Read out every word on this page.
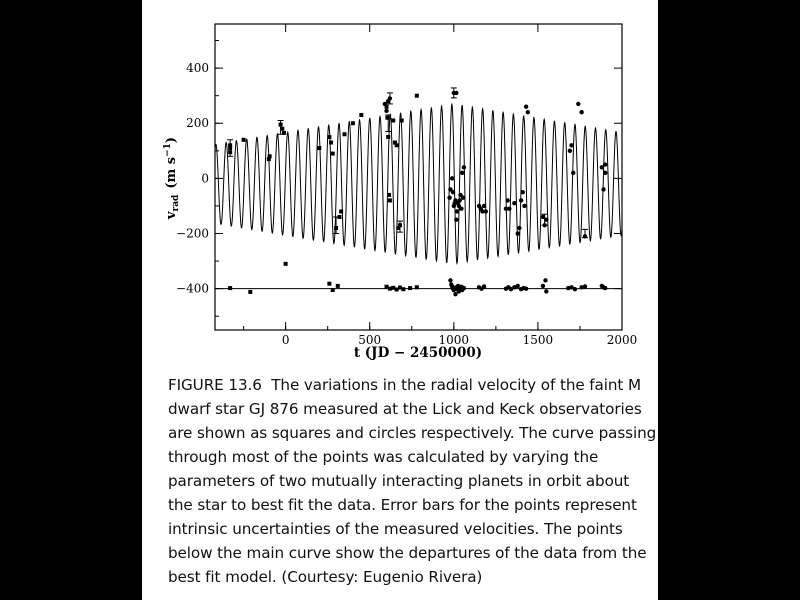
0	500	1000	1500	2000
−400
−200
0
200
400
t (JD − 2450000)
$v_{rad}(m$ $s^{-1}$)
FIGURE 13.6  The variations in the radial velocity of the faint M
dwarf star GJ 876 measured at the Lick and Keck observatories
are shown as squares and circles respectively. The curve passing
through most of the points was calculated by varying the
parameters of two mutually interacting planets in orbit about
the star to best fit the data. Error bars for the points represent
intrinsic uncertainties of the measured velocities. The points
below the main curve show the departures of the data from the
best fit model. (Courtesy: Eugenio Rivera)
